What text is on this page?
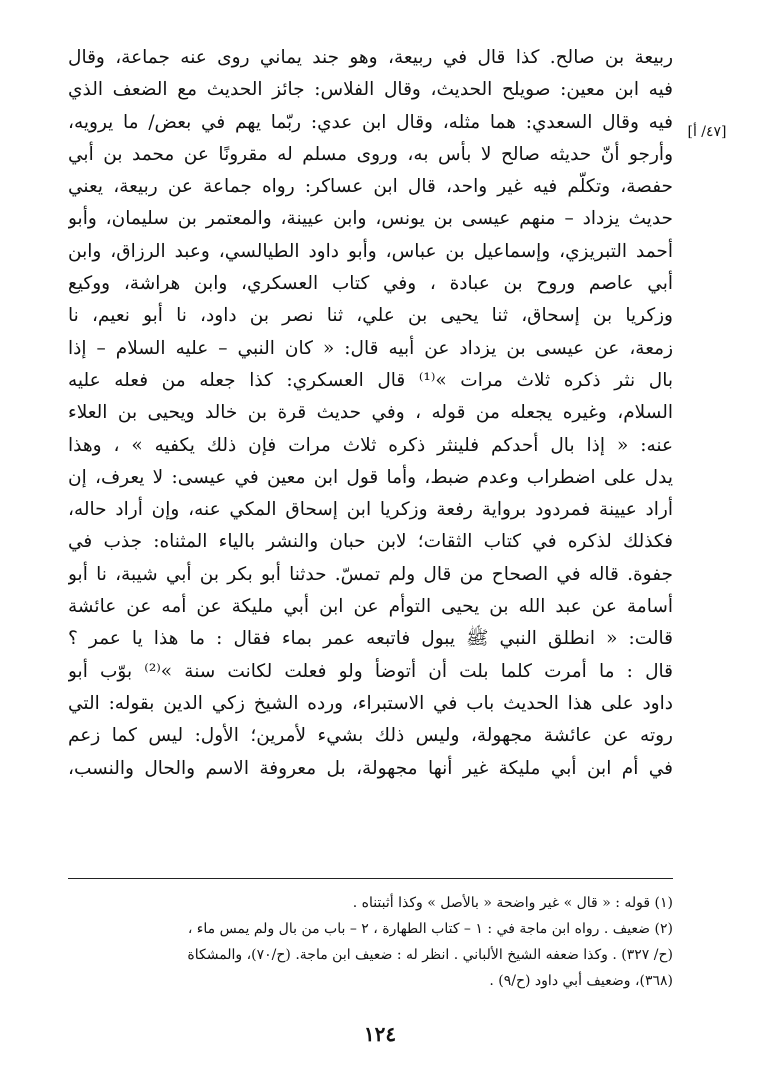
[٤٧/ أ]
ربيعة بن صالح. كذا قال في ربيعة، وهو جند يماني روى عنه جماعة، وقال
فيه ابن معين: صويلح الحديث، وقال الفلاس: جائز الحديث مع الضعف الذي
فيه وقال السعدي: هما مثله، وقال ابن عدي: ربّما يهم في بعض/ ما يرويه،
وأرجو أنّ حديثه صالح لا بأس به، وروى مسلم له مقرونًا عن محمد بن أبي
حفصة، وتكلّم فيه غير واحد، قال ابن عساكر: رواه جماعة عن ربيعة، يعني
حديث يزداد – منهم عيسى بن يونس، وابن عيينة، والمعتمر بن سليمان، وأبو
أحمد التبريزي، وإسماعيل بن عباس، وأبو داود الطيالسي، وعبد الرزاق، وابن
أبي عاصم وروح بن عبادة ، وفي كتاب العسكري، وابن هراشة، ووكيع
وزكريا بن إسحاق، ثنا يحيى بن علي، ثنا نصر بن داود، نا أبو نعيم، نا
زمعة، عن عيسى بن يزداد عن أبيه قال: « كان النبي – عليه السلام – إذا
بال نثر ذكره ثلاث مرات »⁽¹⁾ قال العسكري: كذا جعله من فعله عليه
السلام، وغيره يجعله من قوله ، وفي حديث قرة بن خالد ويحيى بن العلاء
عنه: « إذا بال أحدكم فلينثر ذكره ثلاث مرات فإن ذلك يكفيه » ، وهذا
يدل على اضطراب وعدم ضبط، وأما قول ابن معين في عيسى: لا يعرف، إن
أراد عيينة فمردود برواية رفعة وزكريا ابن إسحاق المكي عنه، وإن أراد حاله،
فكذلك لذكره في كتاب الثقات؛ لابن حبان والنشر بالياء المثناه: جذب في
جفوة. قاله في الصحاح من قال ولم تمسّ. حدثنا أبو بكر بن أبي شيبة، نا أبو
أسامة عن عبد الله بن يحيى التوأم عن ابن أبي مليكة عن أمه عن عائشة
قالت: « انطلق النبي ﷺ يبول فاتبعه عمر بماء فقال : ما هذا يا عمر ؟
قال : ما أمرت كلما بلت أن أتوضأ ولو فعلت لكانت سنة »⁽²⁾ بوّب أبو
داود على هذا الحديث باب في الاستبراء، ورده الشيخ زكي الدين بقوله: التي
روته عن عائشة مجهولة، وليس ذلك بشيء لأمرين؛ الأول: ليس كما زعم
في أم ابن أبي مليكة غير أنها مجهولة، بل معروفة الاسم والحال والنسب،
(١) قوله : « قال » غير واضحة « بالأصل » وكذا أثبتناه .
(٢) ضعيف . رواه ابن ماجة في : ١ – كتاب الطهارة ، ٢ – باب من بال ولم يمس ماء ،
(ح/ ٣٢٧) . وكذا ضعفه الشيخ الألباني . انظر له : ضعيف ابن ماجة. (ح/٧٠)، والمشكاة
(٣٦٨)، وضعيف أبي داود (ح/٩) .
١٢٤
